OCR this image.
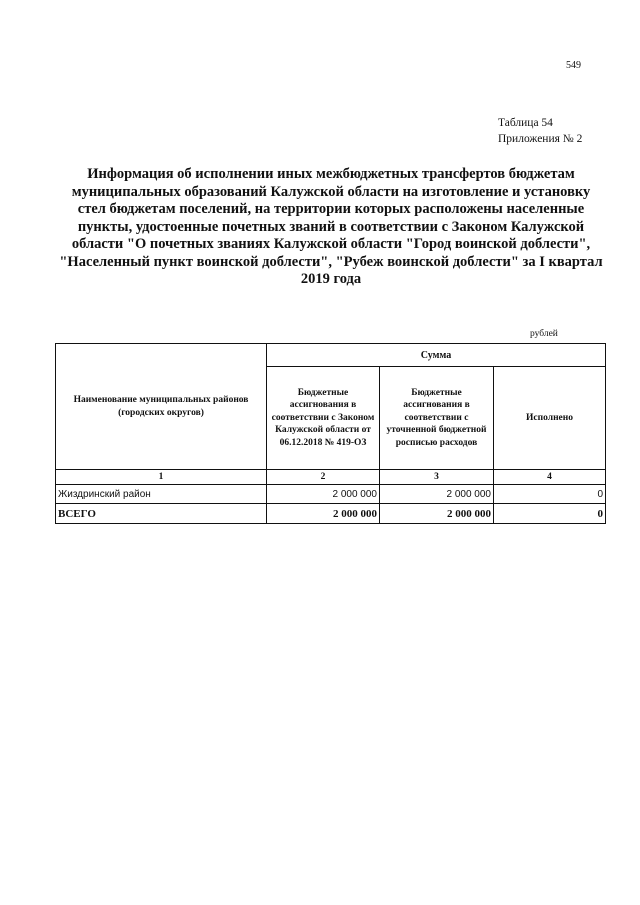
549
Таблица 54
Приложения № 2
Информация об исполнении иных межбюджетных трансфертов бюджетам муниципальных образований Калужской области на изготовление и установку стел бюджетам поселений, на территории которых расположены населенные пункты, удостоенные почетных званий в соответствии с Законом Калужской области "О почетных званиях Калужской области "Город воинской доблести", "Населенный пункт воинской доблести", "Рубеж воинской доблести" за I квартал 2019 года
рублей
Наименование муниципальных районов (городских округов)	Сумма		
	Бюджетные ассигнования в соответствии с Законом Калужской области от 06.12.2018 № 419-ОЗ	Бюджетные ассигнования в соответствии с уточненной бюджетной росписью расходов	Исполнено
1	2	3	4
Жиздринский район	2 000 000	2 000 000	0
ВСЕГО	2 000 000	2 000 000	0
